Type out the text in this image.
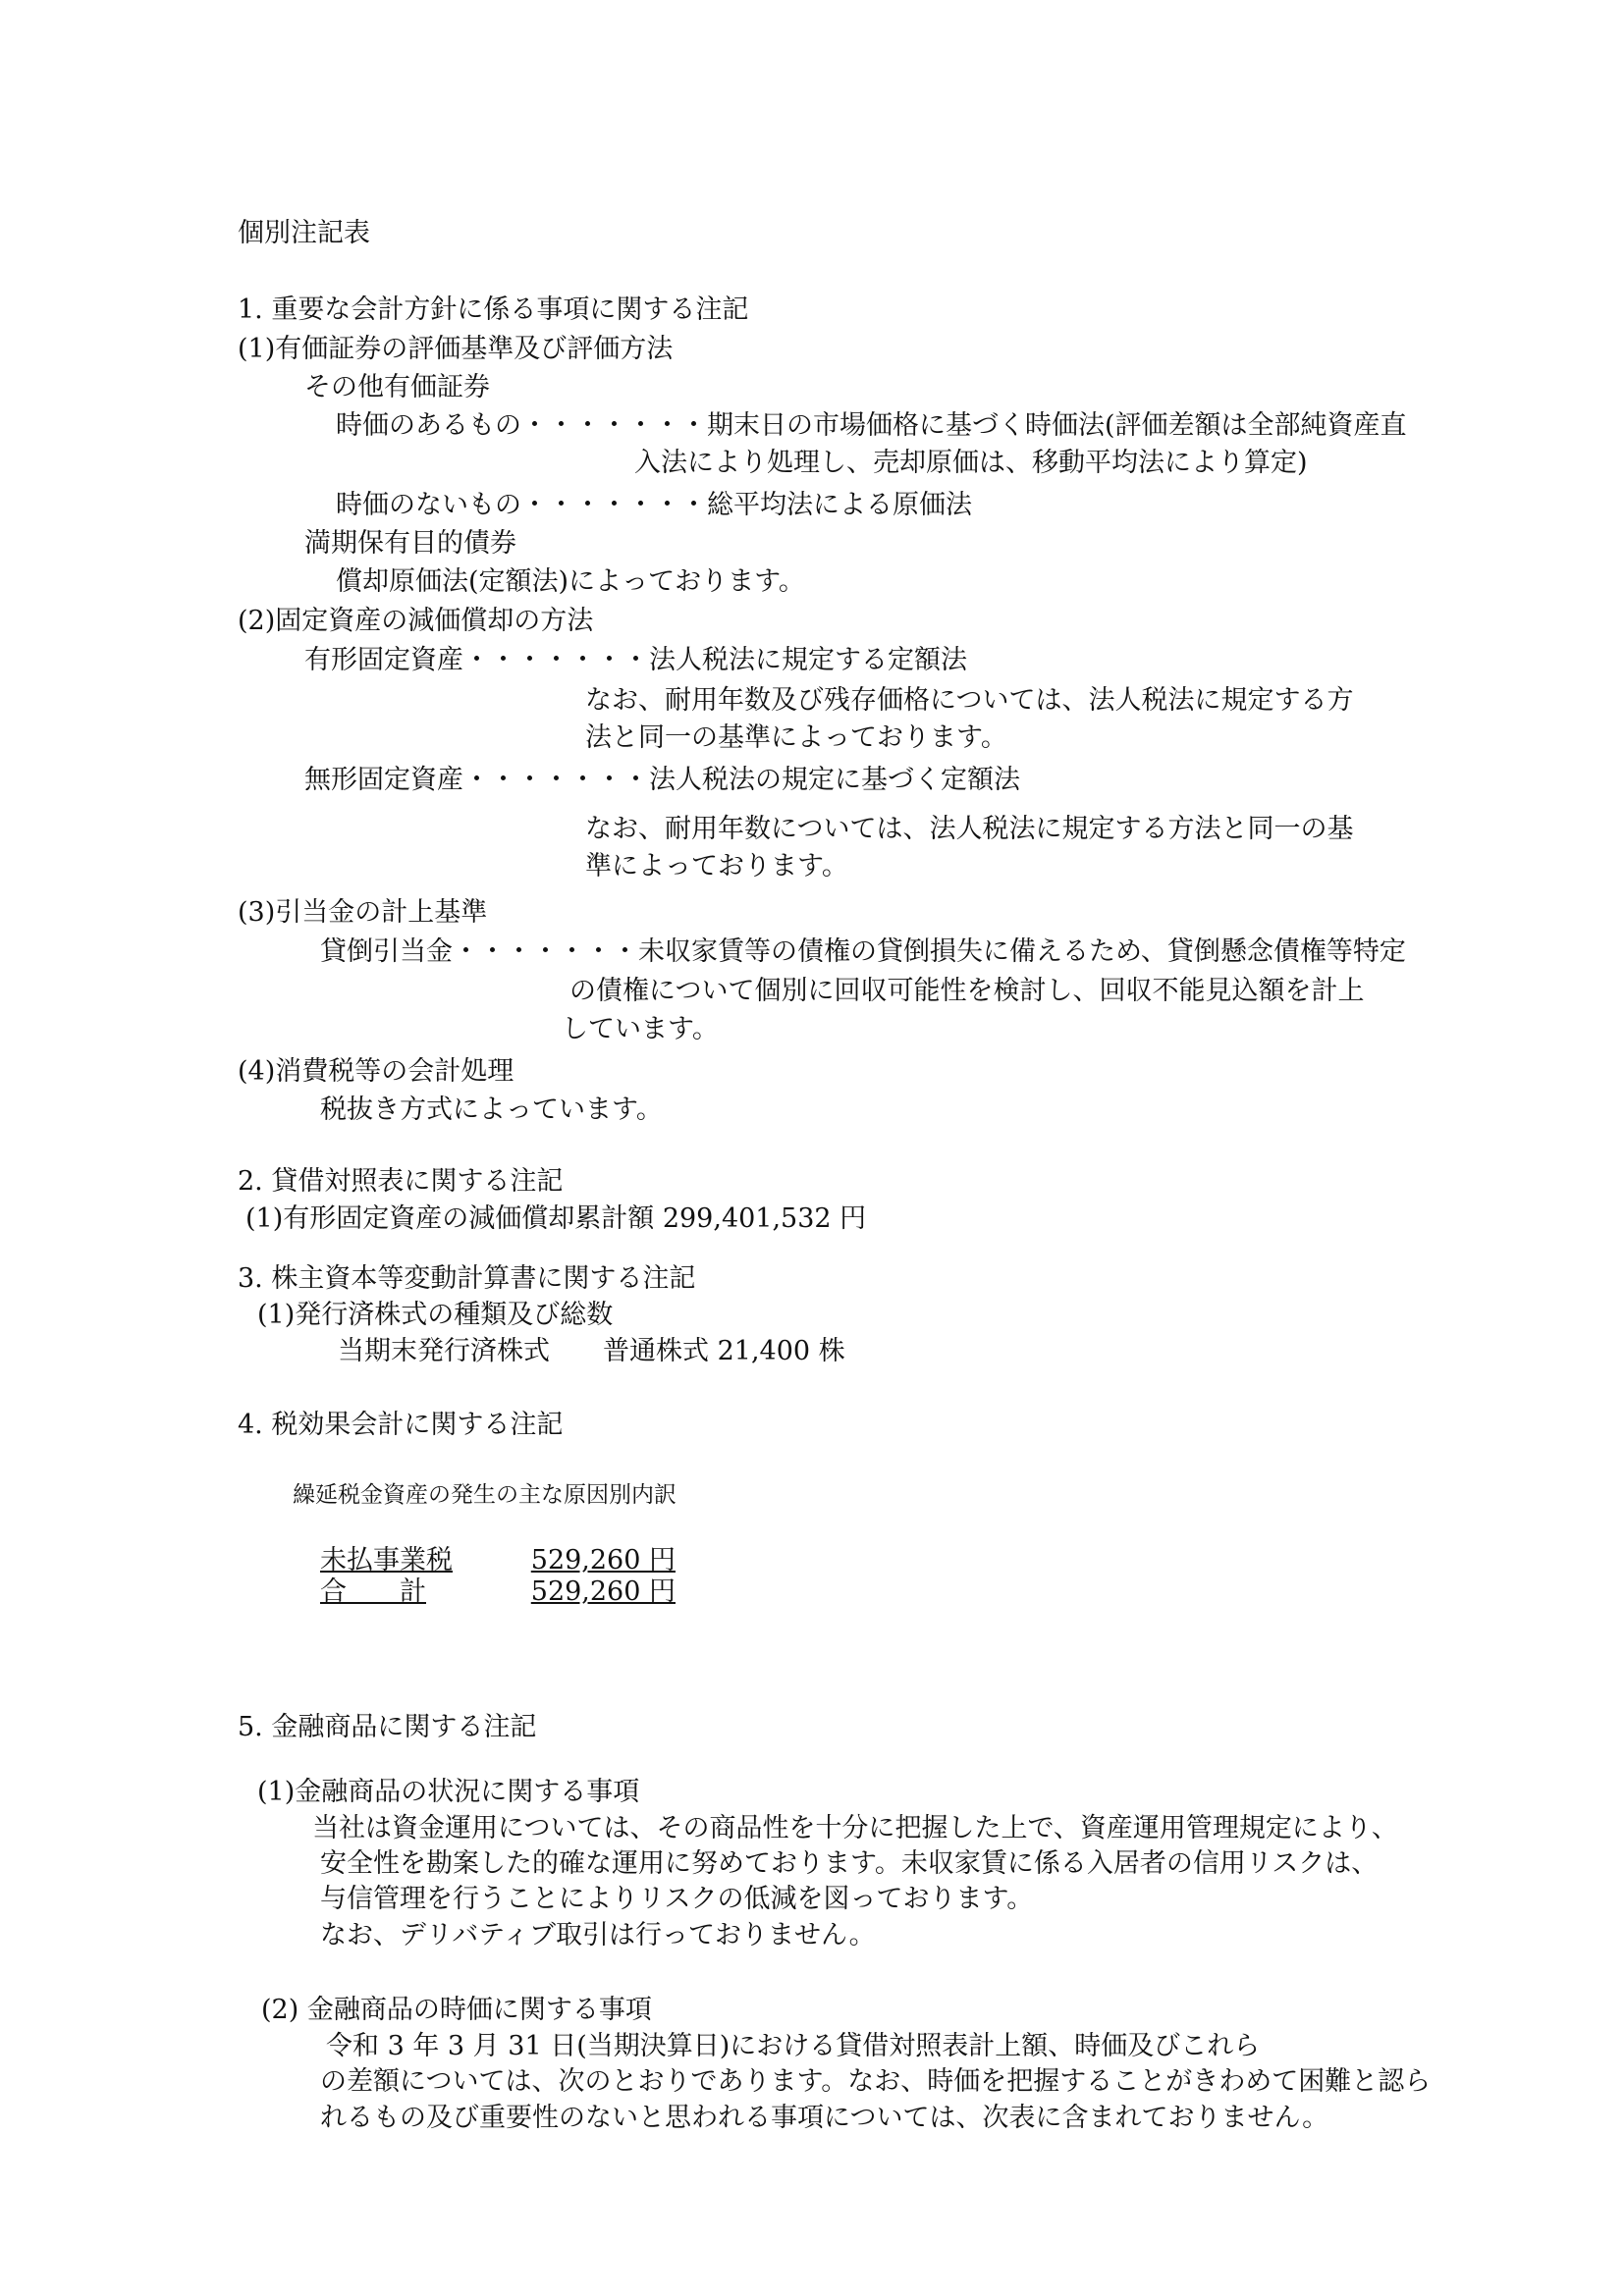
個別注記表
1. 重要な会計方針に係る事項に関する注記
(1)有価証券の評価基準及び評価方法
その他有価証券
時価のあるもの・・・・・・・期末日の市場価格に基づく時価法(評価差額は全部純資産直
入法により処理し、売却原価は、移動平均法により算定)
時価のないもの・・・・・・・総平均法による原価法
満期保有目的債券
償却原価法(定額法)によっております。
(2)固定資産の減価償却の方法
有形固定資産・・・・・・・法人税法に規定する定額法
なお、耐用年数及び残存価格については、法人税法に規定する方
法と同一の基準によっております。
無形固定資産・・・・・・・法人税法の規定に基づく定額法
なお、耐用年数については、法人税法に規定する方法と同一の基
準によっております。
(3)引当金の計上基準
貸倒引当金・・・・・・・未収家賃等の債権の貸倒損失に備えるため、貸倒懸念債権等特定
の債権について個別に回収可能性を検討し、回収不能見込額を計上
しています。
(4)消費税等の会計処理
税抜き方式によっています。
2. 貸借対照表に関する注記
(1)有形固定資産の減価償却累計額 299,401,532 円
3. 株主資本等変動計算書に関する注記
(1)発行済株式の種類及び総数
当期末発行済株式　　普通株式 21,400 株
4. 税効果会計に関する注記
繰延税金資産の発生の主な原因別内訳
未払事業税	529,260 円
合　　計	529,260 円
5. 金融商品に関する注記
(1)金融商品の状況に関する事項
当社は資金運用については、その商品性を十分に把握した上で、資産運用管理規定により、
安全性を勘案した的確な運用に努めております。未収家賃に係る入居者の信用リスクは、
与信管理を行うことによりリスクの低減を図っております。
なお、デリバティブ取引は行っておりません。
(2) 金融商品の時価に関する事項
令和 3 年 3 月 31 日(当期決算日)における貸借対照表計上額、時価及びこれら
の差額については、次のとおりであります。なお、時価を把握することがきわめて困難と認ら
れるもの及び重要性のないと思われる事項については、次表に含まれておりません。
